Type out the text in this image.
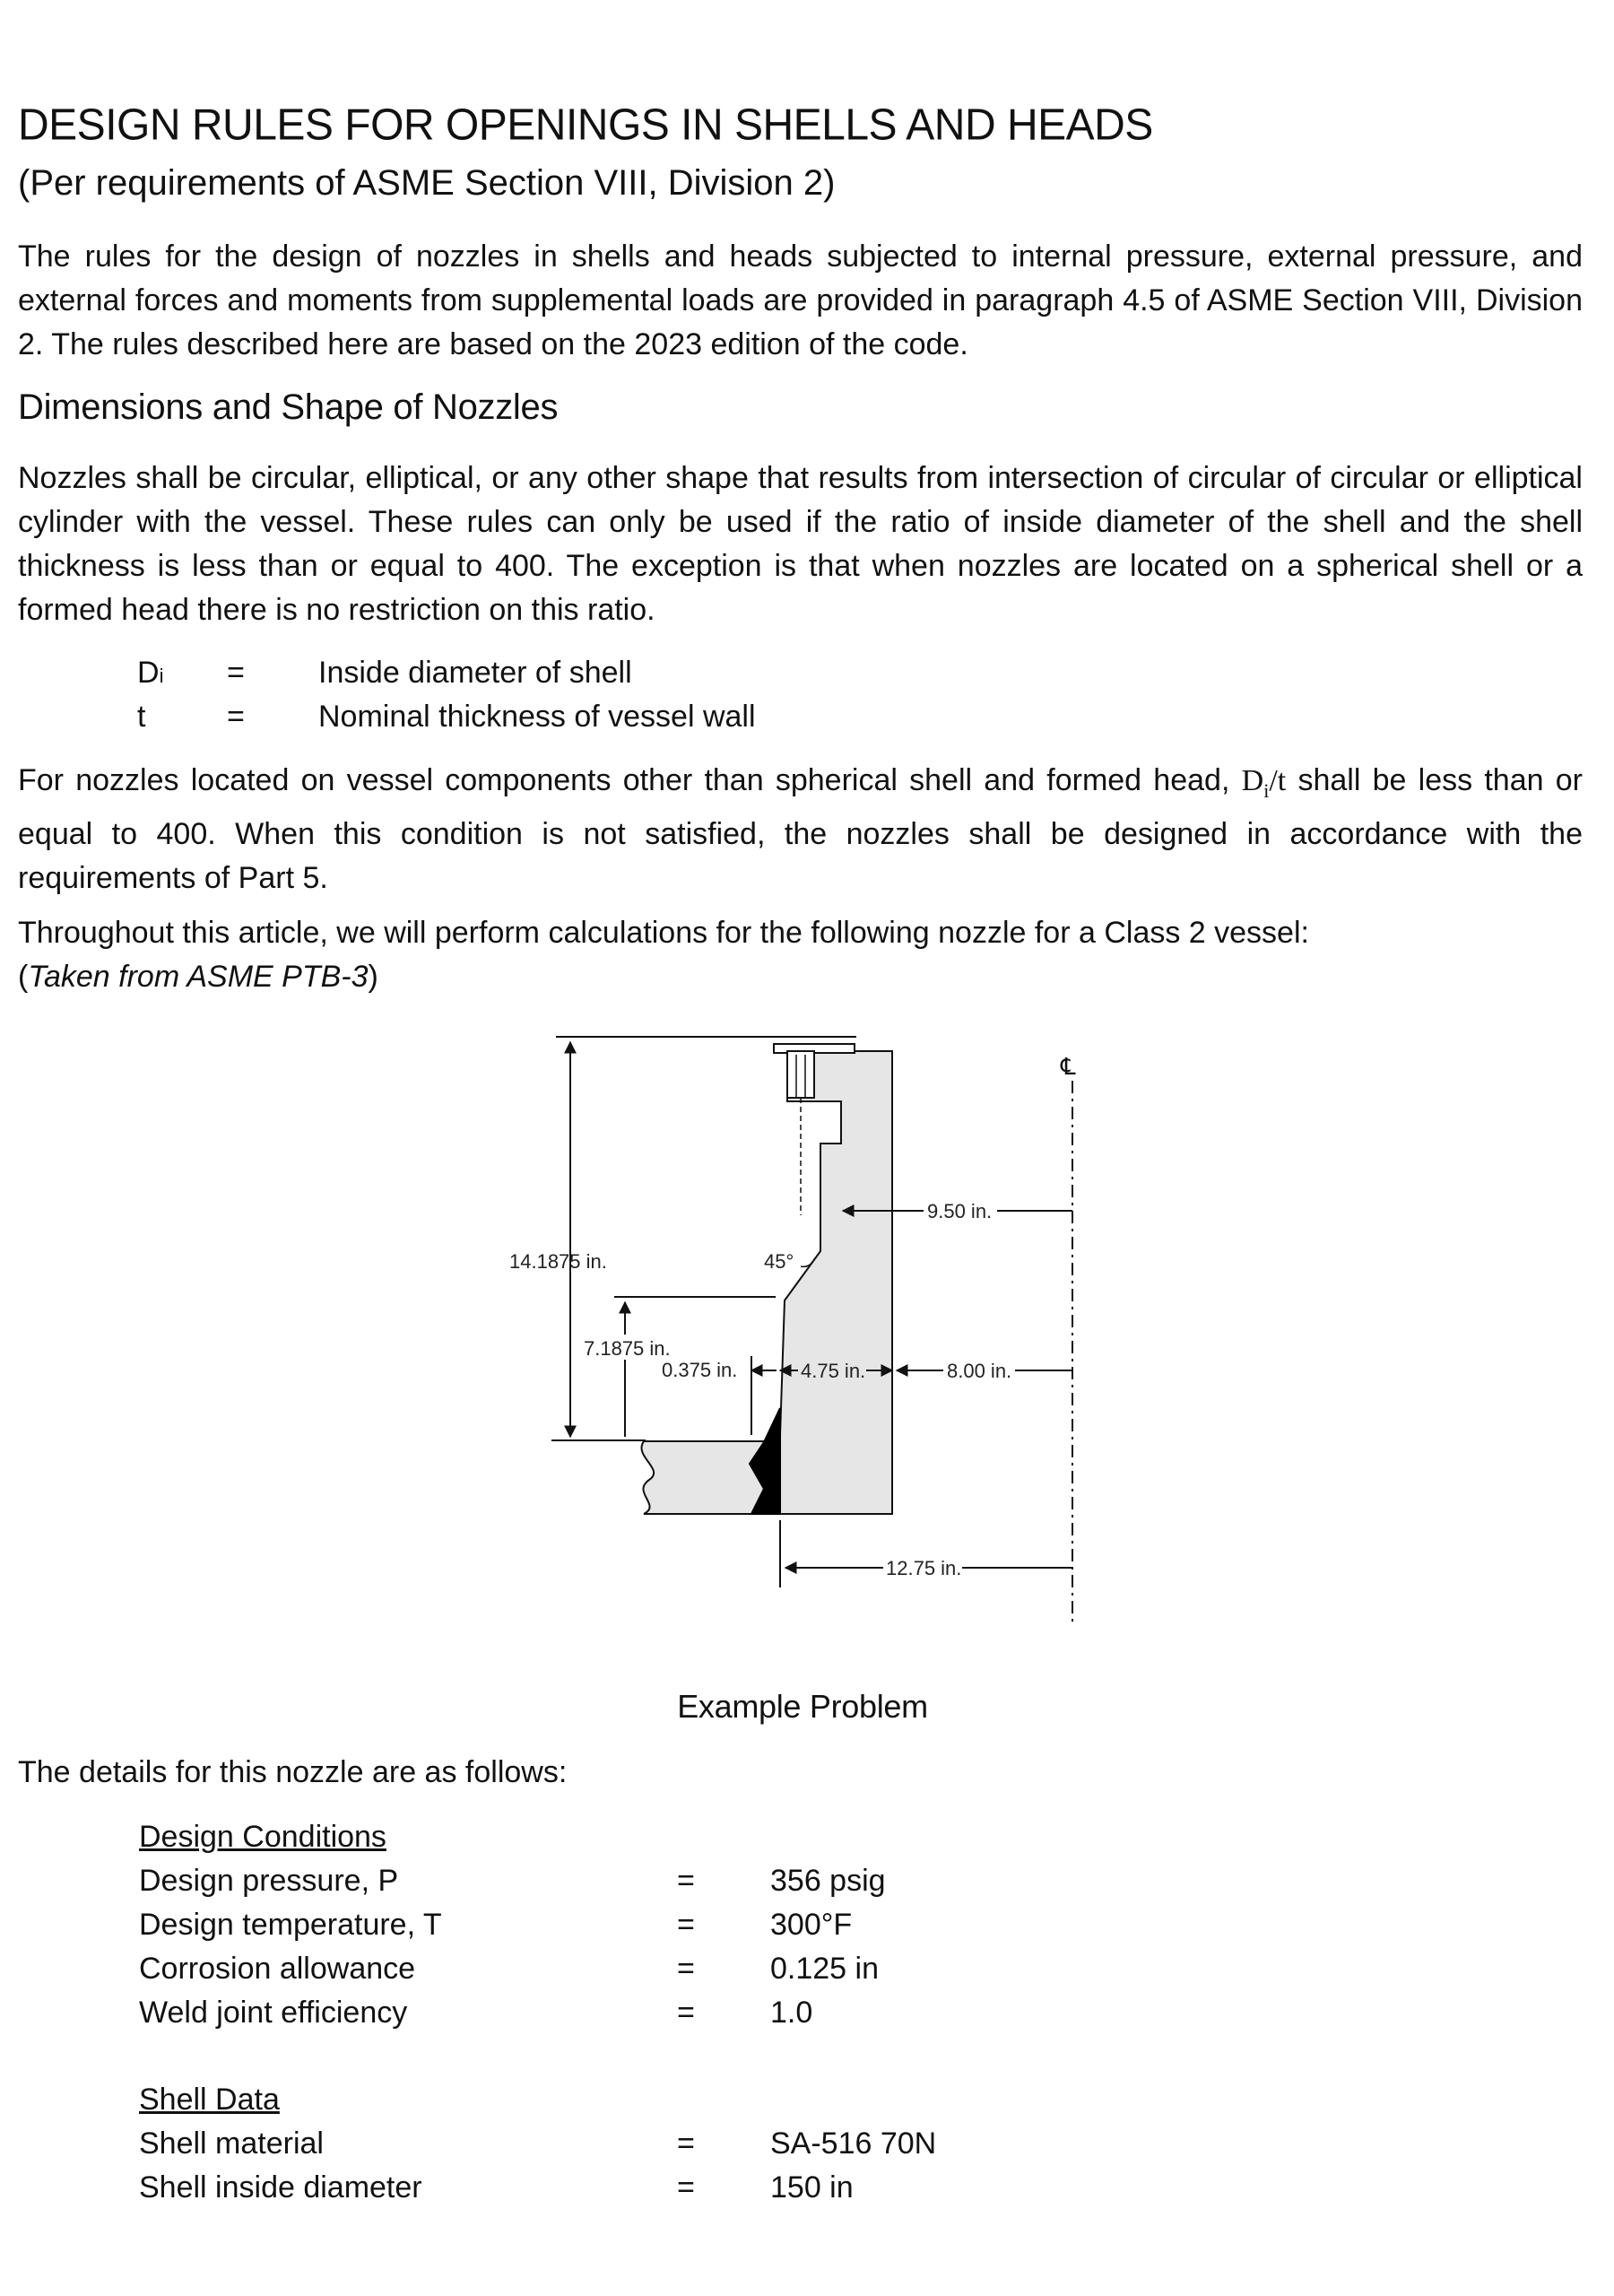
DESIGN RULES FOR OPENINGS IN SHELLS AND HEADS
(Per requirements of ASME Section VIII, Division 2)

The rules for the design of nozzles in shells and heads subjected to internal pressure, external pressure, and external forces and moments from supplemental loads are provided in paragraph 4.5 of ASME Section VIII, Division 2. The rules described here are based on the 2023 edition of the code.

Dimensions and Shape of Nozzles

Nozzles shall be circular, elliptical, or any other shape that results from intersection of circular of circular or elliptical cylinder with the vessel. These rules can only be used if the ratio of inside diameter of the shell and the shell thickness is less than or equal to 400. The exception is that when nozzles are located on a spherical shell or a formed head there is no restriction on this ratio.

Di = Inside diameter of shell
t	= Nominal thickness of vessel wall

For nozzles located on vessel components other than spherical shell and formed head, $D_i/t$ shall be less than or equal to 400. When this condition is not satisfied, the nozzles shall be designed in accordance with the requirements of Part 5.

Throughout this article, we will perform calculations for the following nozzle for a Class 2 vessel:
(Taken from ASME PTB-3)

℄
14.1875 in.
7.1875 in.
45°
9.50 in.
0.375 in.	4.75 in.	8.00 in.
12.75 in.
Example Problem

The details for this nozzle are as follows:

Design Conditions
Design pressure, P	= 356 psig
Design temperature, T	= 300°F
Corrosion allowance	= 0.125 in
Weld joint efficiency	= 1.0
Shell Data
Shell material	= SA-516 70N
Shell inside diameter	= 150 in
